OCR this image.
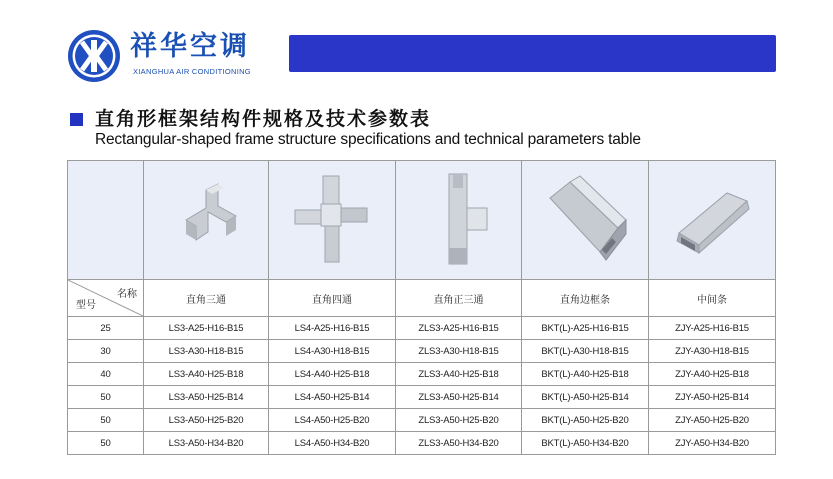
祥华空调
XIANGHUA AIR CONDITIONING
直角形框架结构件规格及技术参数表
Rectangular-shaped frame structure specifications and technical parameters table

名称
型号	直角三通	直角四通	直角正三通	直角边框条	中间条
25	LS3-A25-H16-B15	LS4-A25-H16-B15	ZLS3-A25-H16-B15	BKT(L)-A25-H16-B15	ZJY-A25-H16-B15
30	LS3-A30-H18-B15	LS4-A30-H18-B15	ZLS3-A30-H18-B15	BKT(L)-A30-H18-B15	ZJY-A30-H18-B15
40	LS3-A40-H25-B18	LS4-A40-H25-B18	ZLS3-A40-H25-B18	BKT(L)-A40-H25-B18	ZJY-A40-H25-B18
50	LS3-A50-H25-B14	LS4-A50-H25-B14	ZLS3-A50-H25-B14	BKT(L)-A50-H25-B14	ZJY-A50-H25-B14
50	LS3-A50-H25-B20	LS4-A50-H25-B20	ZLS3-A50-H25-B20	BKT(L)-A50-H25-B20	ZJY-A50-H25-B20
50	LS3-A50-H34-B20	LS4-A50-H34-B20	ZLS3-A50-H34-B20	BKT(L)-A50-H34-B20	ZJY-A50-H34-B20
